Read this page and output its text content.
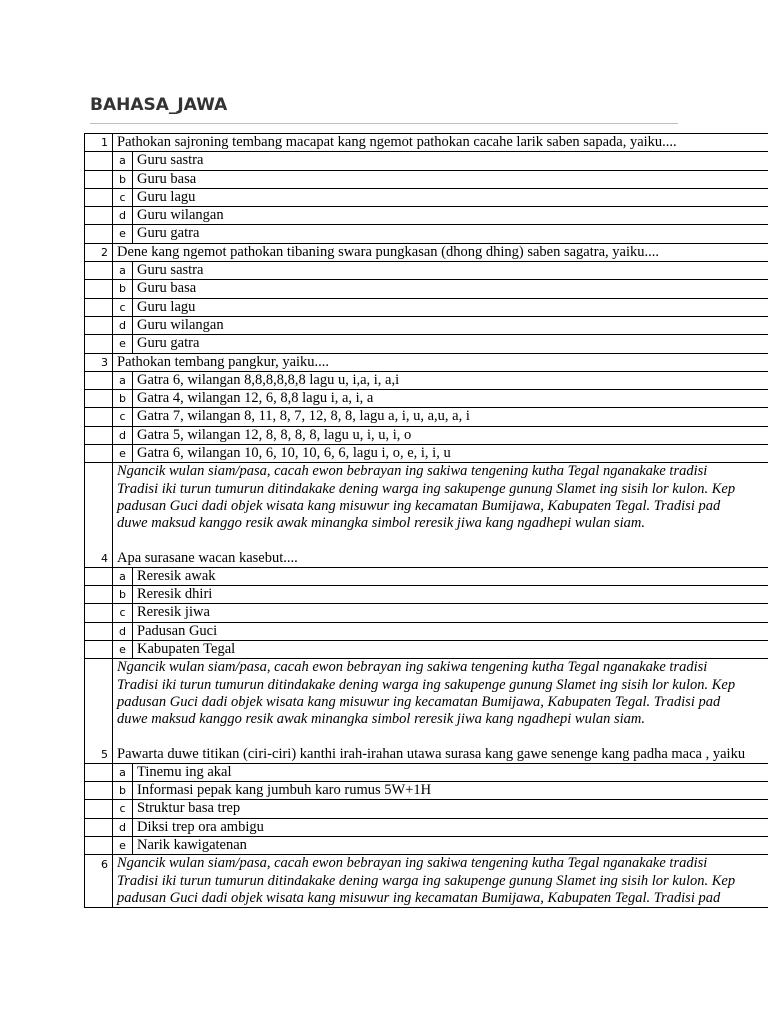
BAHASA_JAWA
1	Pathokan sajroning tembang macapat kang ngemot pathokan cacahe larik saben sapada, yaiku....	
	a	Guru sastra
	b	Guru basa
	c	Guru lagu
	d	Guru wilangan
	e	Guru gatra
2	Dene kang ngemot pathokan tibaning swara pungkasan (dhong dhing) saben sagatra, yaiku....	
	a	Guru sastra
	b	Guru basa
	c	Guru lagu
	d	Guru wilangan
	e	Guru gatra
3	Pathokan tembang pangkur, yaiku....	
	a	Gatra 6, wilangan 8,8,8,8,8,8 lagu u, i,a, i, a,i
	b	Gatra 4, wilangan 12, 6, 8,8 lagu i, a, i, a
	c	Gatra 7, wilangan 8, 11, 8, 7, 12, 8, 8, lagu a, i, u, a,u, a, i
	d	Gatra 5, wilangan 12, 8, 8, 8, 8, lagu u, i, u, i, o
	e	Gatra 6, wilangan 10, 6, 10, 10, 6, 6, lagu i, o, e, i, i, u
4	Ngancik wulan siam/pasa, cacah ewon bebrayan ing sakiwa tengening kutha Tegal nganakake tradisi
Tradisi iki turun tumurun ditindakake dening warga ing sakupenge gunung Slamet ing sisih lor kulon. Kep
padusan Guci dadi objek wisata kang misuwur ing kecamatan Bumijawa, Kabupaten Tegal. Tradisi pad
duwe maksud kanggo resik awak minangka simbol reresik jiwa kang ngadhepi wulan siam.
Apa surasane wacan kasebut....	

	a	Reresik awak
	b	Reresik dhiri
	c	Reresik jiwa
	d	Padusan Guci
	e	Kabupaten Tegal
5	Ngancik wulan siam/pasa, cacah ewon bebrayan ing sakiwa tengening kutha Tegal nganakake tradisi
Tradisi iki turun tumurun ditindakake dening warga ing sakupenge gunung Slamet ing sisih lor kulon. Kep
padusan Guci dadi objek wisata kang misuwur ing kecamatan Bumijawa, Kabupaten Tegal. Tradisi pad
duwe maksud kanggo resik awak minangka simbol reresik jiwa kang ngadhepi wulan siam.
Pawarta duwe titikan (ciri-ciri) kanthi irah-irahan utawa surasa kang gawe senenge kang padha maca , yaiku	

	a	Tinemu ing akal
	b	Informasi pepak kang jumbuh karo rumus 5W+1H
	c	Struktur basa trep
	d	Diksi trep ora ambigu
	e	Narik kawigatenan
6	Ngancik wulan siam/pasa, cacah ewon bebrayan ing sakiwa tengening kutha Tegal nganakake tradisi
Tradisi iki turun tumurun ditindakake dening warga ing sakupenge gunung Slamet ing sisih lor kulon. Kep
padusan Guci dadi objek wisata kang misuwur ing kecamatan Bumijawa, Kabupaten Tegal. Tradisi pad	
